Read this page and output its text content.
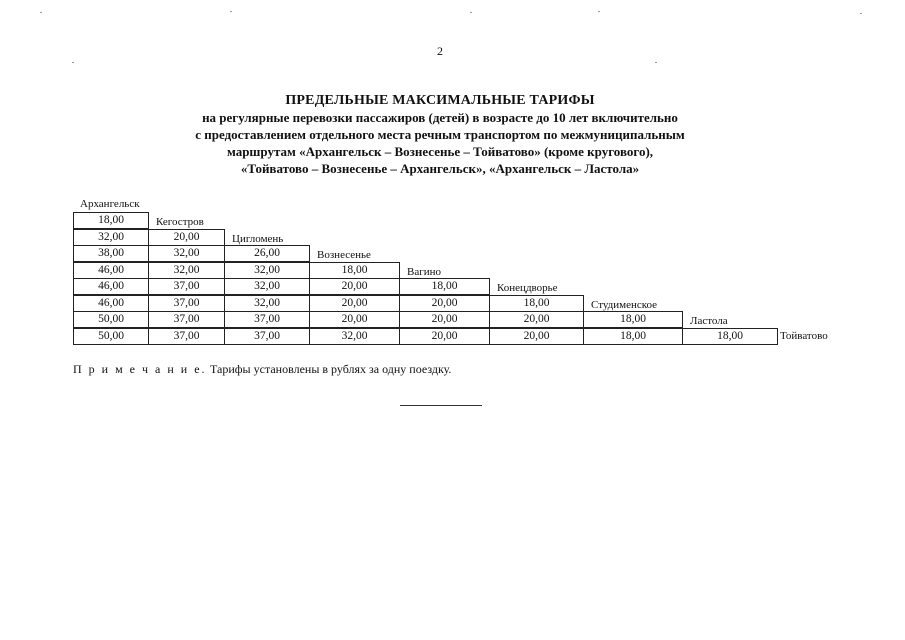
2
ПРЕДЕЛЬНЫЕ МАКСИМАЛЬНЫЕ ТАРИФЫ
на регулярные перевозки пассажиров (детей) в возрасте до 10 лет включительно
с предоставлением отдельного места речным транспортом по межмуниципальным
маршрутам «Архангельск – Вознесенье – Тойватово» (кроме кругового),
«Тойватово – Вознесенье – Архангельск», «Архангельск – Ластола»
Архангельск
18,00	Кегостров
32,00	20,00	Цигломень
38,00	32,00	26,00	Вознесенье
46,00	32,00	32,00	18,00	Вагино
46,00	37,00	32,00	20,00	18,00	Конецдворье
46,00	37,00	32,00	20,00	20,00	18,00	Студименское
50,00	37,00	37,00	20,00	20,00	20,00	18,00	Ластола
50,00	37,00	37,00	32,00	20,00	20,00	18,00	18,00	Тойватово
П р и м е ч а н и е. Тарифы установлены в рублях за одну поездку.
